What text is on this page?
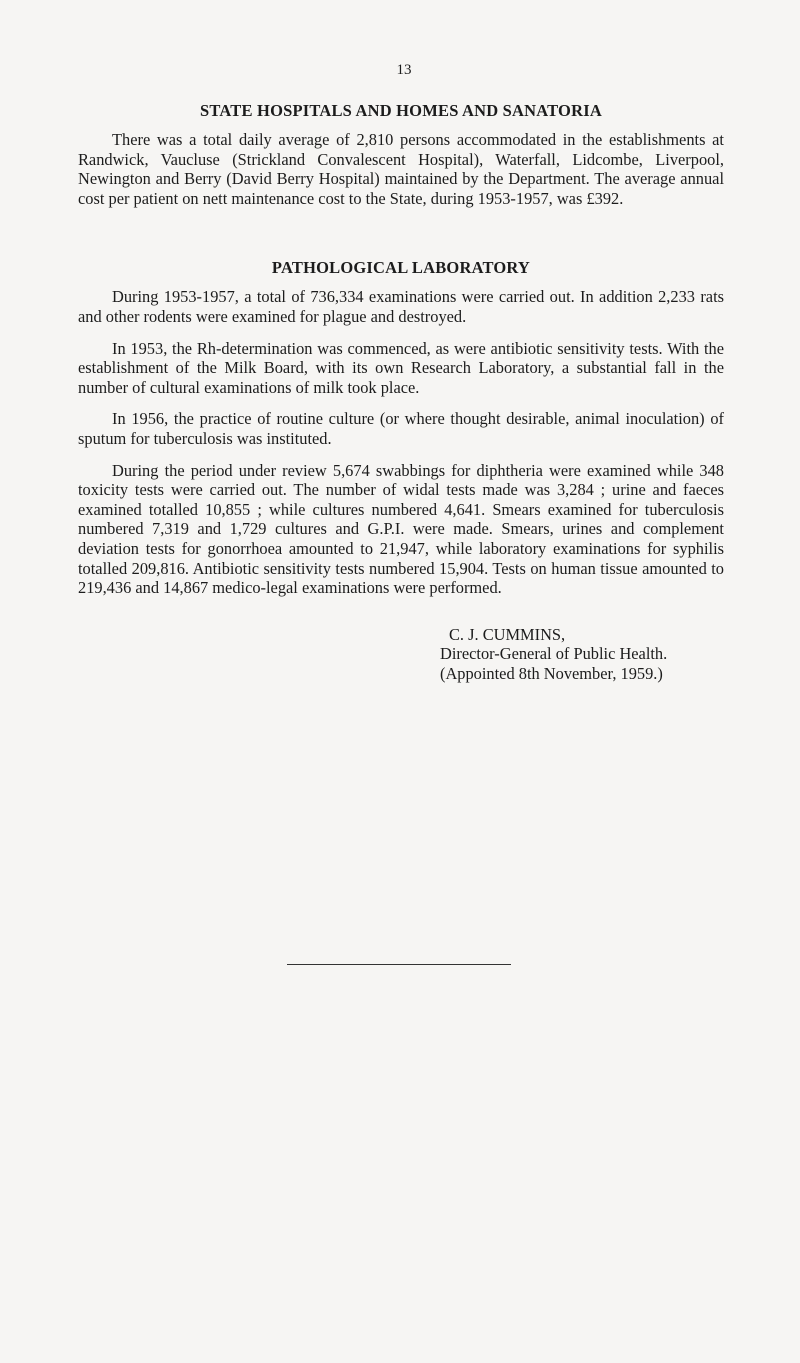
13
STATE HOSPITALS AND HOMES AND SANATORIA

There was a total daily average of 2,810 persons accommodated in the establishments at Randwick, Vaucluse (Strickland Convalescent Hospital), Waterfall, Lidcombe, Liverpool, Newington and Berry (David Berry Hospital) maintained by the Department. The average annual cost per patient on nett maintenance cost to the State, during 1953-1957, was £392.

PATHOLOGICAL LABORATORY

During 1953-1957, a total of 736,334 examinations were carried out. In addition 2,233 rats and other rodents were examined for plague and destroyed.

In 1953, the Rh-determination was commenced, as were antibiotic sensitivity tests. With the establishment of the Milk Board, with its own Research Laboratory, a substantial fall in the number of cultural examinations of milk took place.

In 1956, the practice of routine culture (or where thought desirable, animal inoculation) of sputum for tuberculosis was instituted.

During the period under review 5,674 swabbings for diphtheria were examined while 348 toxicity tests were carried out. The number of widal tests made was 3,284 ; urine and faeces examined totalled 10,855 ; while cultures numbered 4,641. Smears examined for tuberculosis numbered 7,319 and 1,729 cultures and G.P.I. were made. Smears, urines and complement deviation tests for gonorrhoea amounted to 21,947, while laboratory examinations for syphilis totalled 209,816. Antibiotic sensitivity tests numbered 15,904. Tests on human tissue amounted to 219,436 and 14,867 medico-legal examinations were performed.

C. J. CUMMINS,
Director-General of Public Health.
(Appointed 8th November, 1959.)
